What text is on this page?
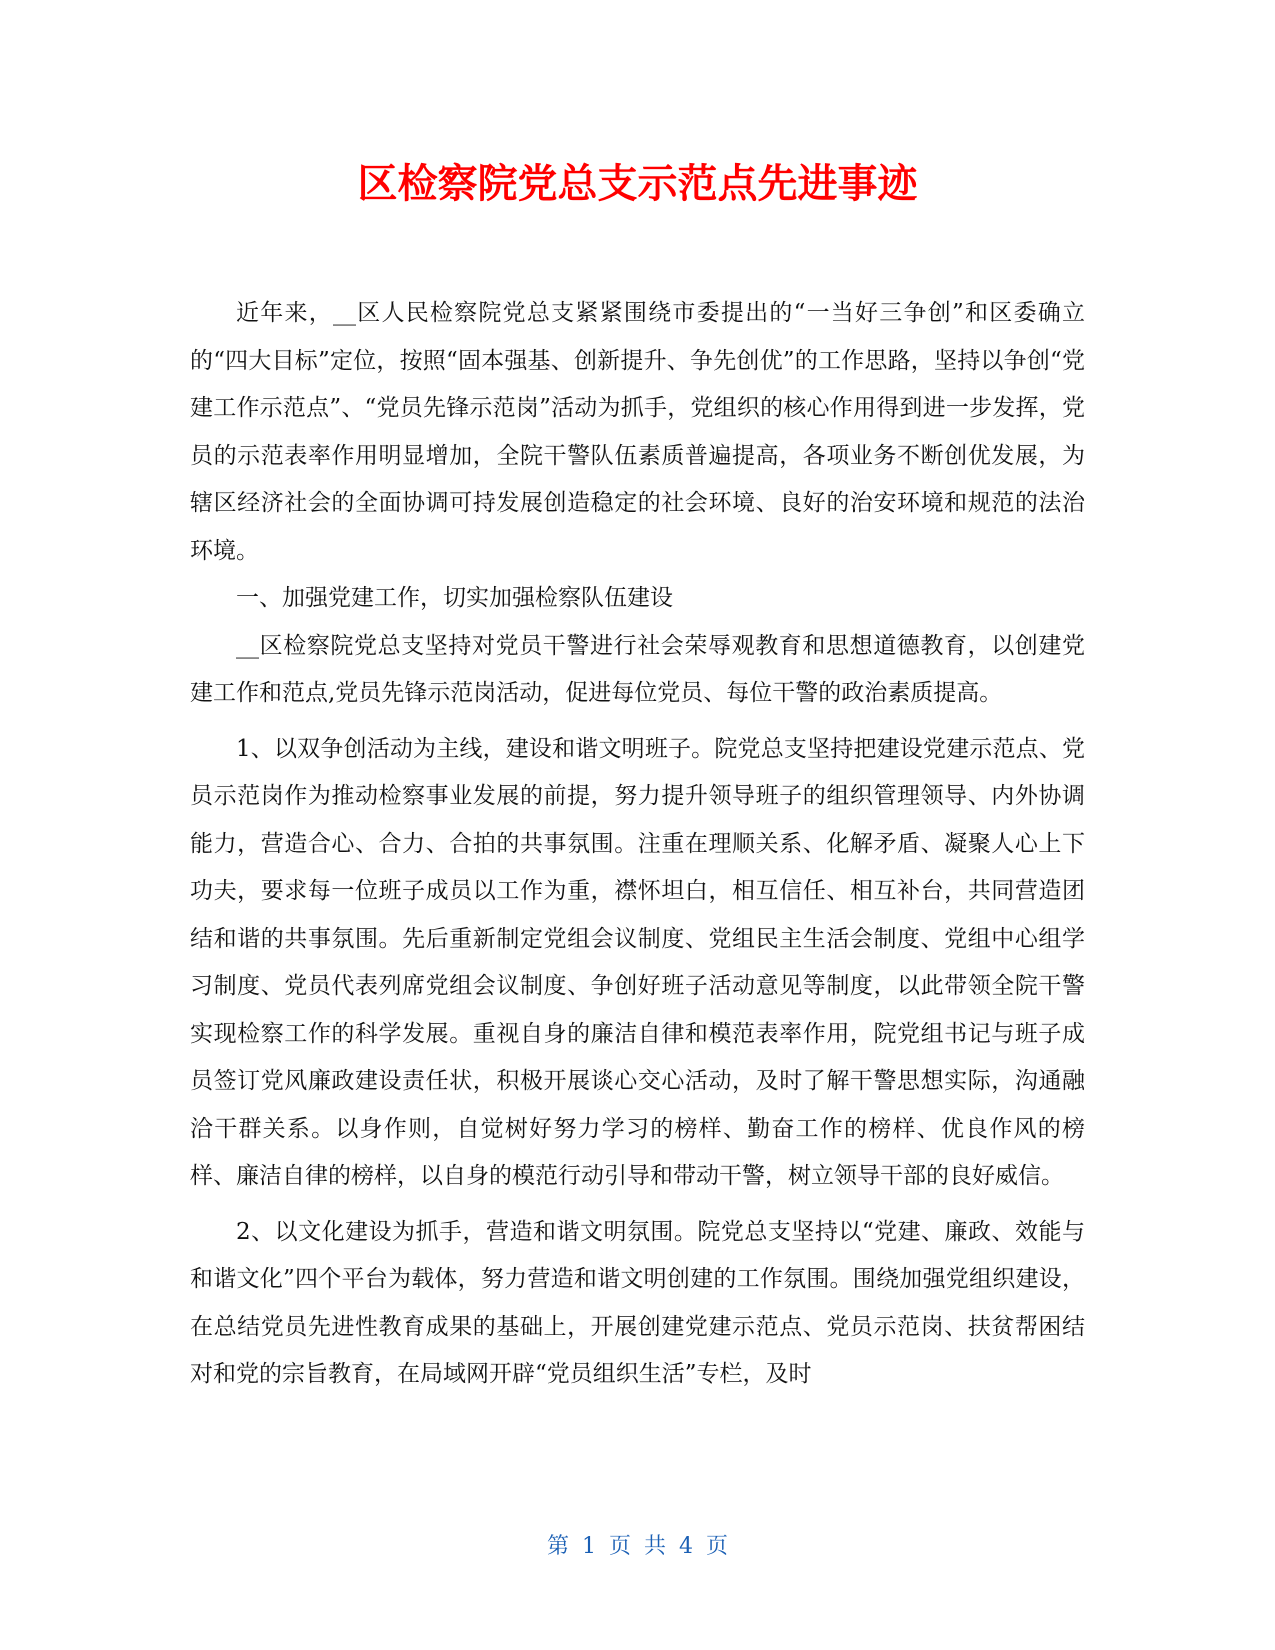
区检察院党总支示范点先进事迹

近年来，__区人民检察院党总支紧紧围绕市委提出的“一当好三争创”和区委确立的“四大目标”定位，按照“固本强基、创新提升、争先创优”的工作思路，坚持以争创“党建工作示范点”、“党员先锋示范岗”活动为抓手，党组织的核心作用得到进一步发挥，党员的示范表率作用明显增加，全院干警队伍素质普遍提高，各项业务不断创优发展，为辖区经济社会的全面协调可持发展创造稳定的社会环境、良好的治安环境和规范的法治环境。

一、加强党建工作，切实加强检察队伍建设

__区检察院党总支坚持对党员干警进行社会荣辱观教育和思想道德教育，以创建党建工作和范点,党员先锋示范岗活动，促进每位党员、每位干警的政治素质提高。

1、以双争创活动为主线，建设和谐文明班子。院党总支坚持把建设党建示范点、党员示范岗作为推动检察事业发展的前提，努力提升领导班子的组织管理领导、内外协调能力，营造合心、合力、合拍的共事氛围。注重在理顺关系、化解矛盾、凝聚人心上下功夫，要求每一位班子成员以工作为重，襟怀坦白，相互信任、相互补台，共同营造团结和谐的共事氛围。先后重新制定党组会议制度、党组民主生活会制度、党组中心组学习制度、党员代表列席党组会议制度、争创好班子活动意见等制度，以此带领全院干警实现检察工作的科学发展。重视自身的廉洁自律和模范表率作用，院党组书记与班子成员签订党风廉政建设责任状，积极开展谈心交心活动，及时了解干警思想实际，沟通融洽干群关系。以身作则，自觉树好努力学习的榜样、勤奋工作的榜样、优良作风的榜样、廉洁自律的榜样，以自身的模范行动引导和带动干警，树立领导干部的良好威信。

2、以文化建设为抓手，营造和谐文明氛围。院党总支坚持以“党建、廉政、效能与和谐文化”四个平台为载体，努力营造和谐文明创建的工作氛围。围绕加强党组织建设，在总结党员先进性教育成果的基础上，开展创建党建示范点、党员示范岗、扶贫帮困结对和党的宗旨教育，在局域网开辟“党员组织生活”专栏，及时

第 1 页 共 4 页
